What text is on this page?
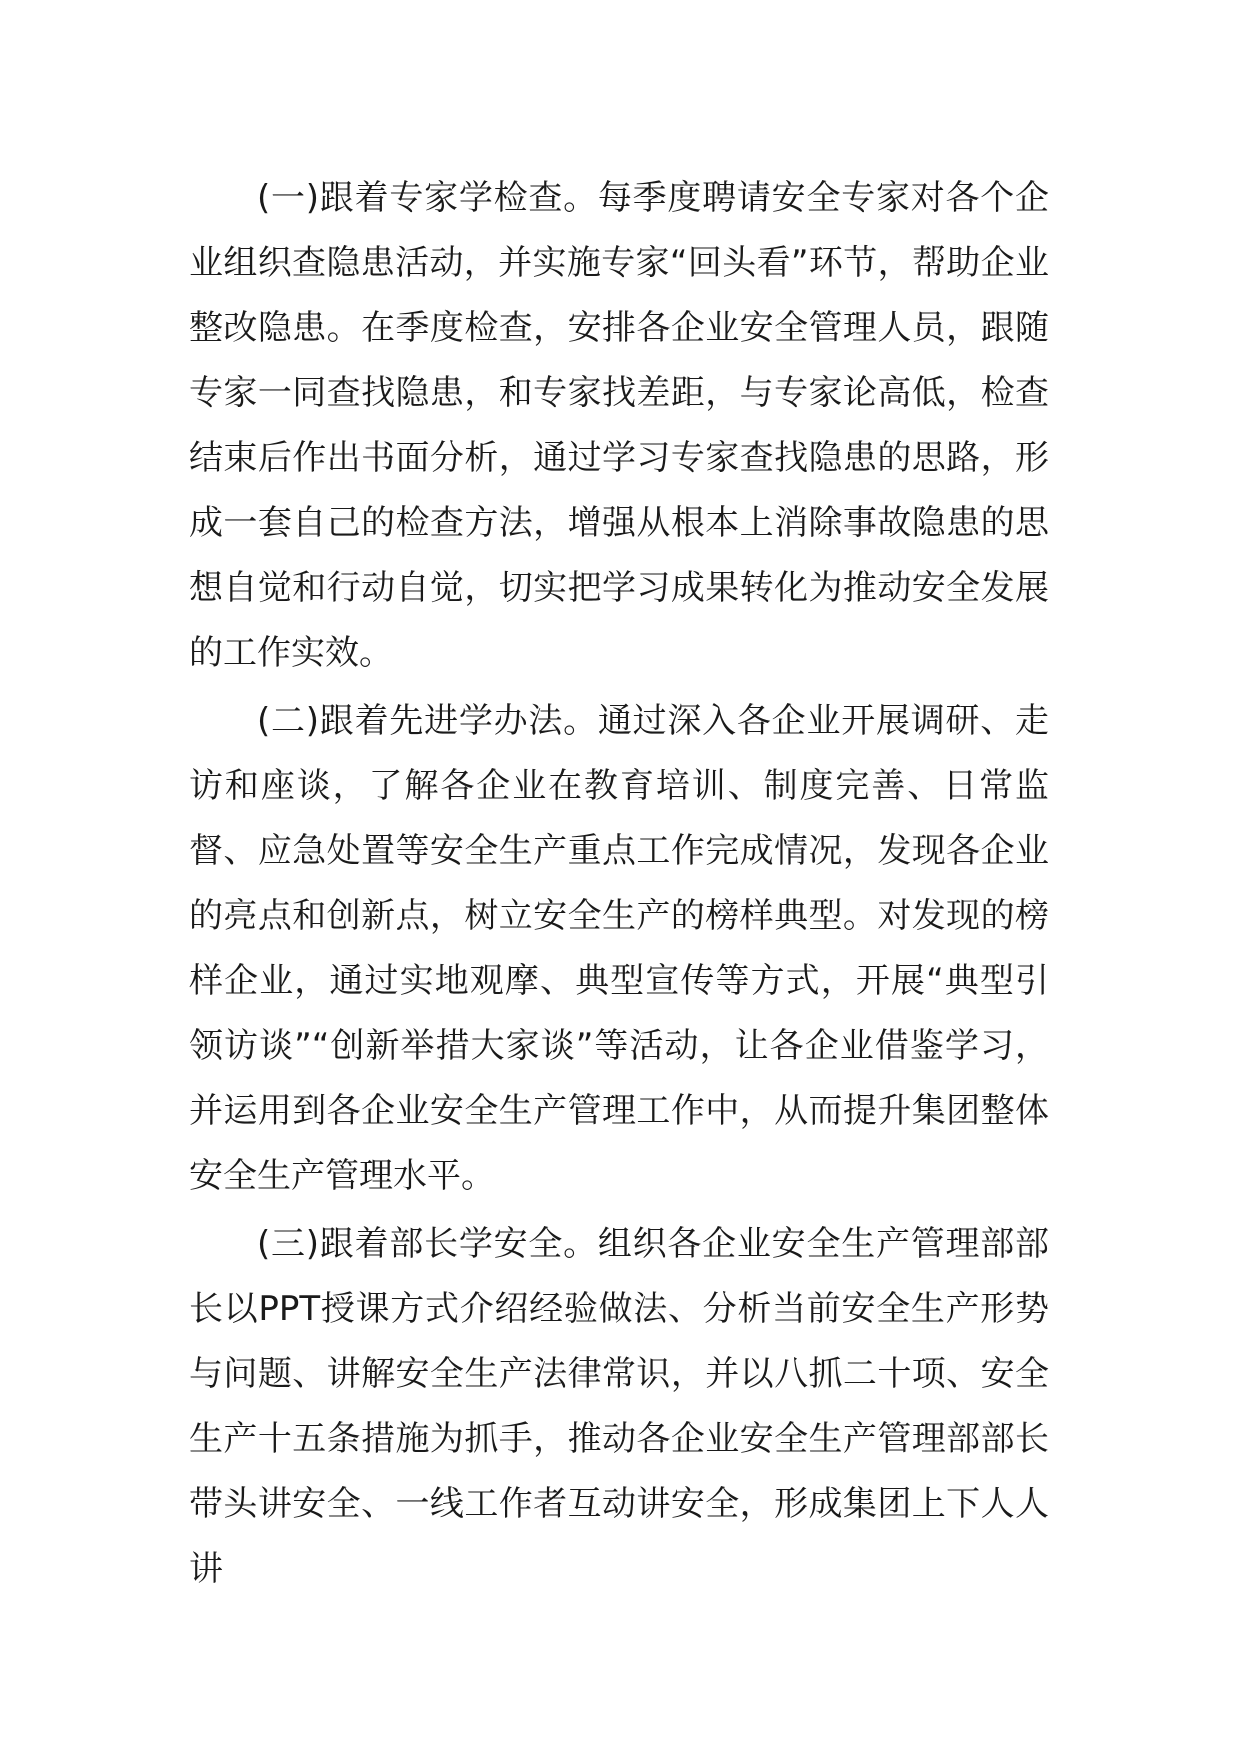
(一)跟着专家学检查。每季度聘请安全专家对各个企业组织查隐患活动，并实施专家“回头看”环节，帮助企业整改隐患。在季度检查，安排各企业安全管理人员，跟随专家一同查找隐患，和专家找差距，与专家论高低，检查结束后作出书面分析，通过学习专家查找隐患的思路，形成一套自己的检查方法，增强从根本上消除事故隐患的思想自觉和行动自觉，切实把学习成果转化为推动安全发展的工作实效。

(二)跟着先进学办法。通过深入各企业开展调研、走访和座谈，了解各企业在教育培训、制度完善、日常监督、应急处置等安全生产重点工作完成情况，发现各企业的亮点和创新点，树立安全生产的榜样典型。对发现的榜样企业，通过实地观摩、典型宣传等方式，开展“典型引领访谈”“创新举措大家谈”等活动，让各企业借鉴学习，并运用到各企业安全生产管理工作中，从而提升集团整体安全生产管理水平。

(三)跟着部长学安全。组织各企业安全生产管理部部长以PPT授课方式介绍经验做法、分析当前安全生产形势与问题、讲解安全生产法律常识，并以八抓二十项、安全生产十五条措施为抓手，推动各企业安全生产管理部部长带头讲安全、一线工作者互动讲安全，形成集团上下人人讲
